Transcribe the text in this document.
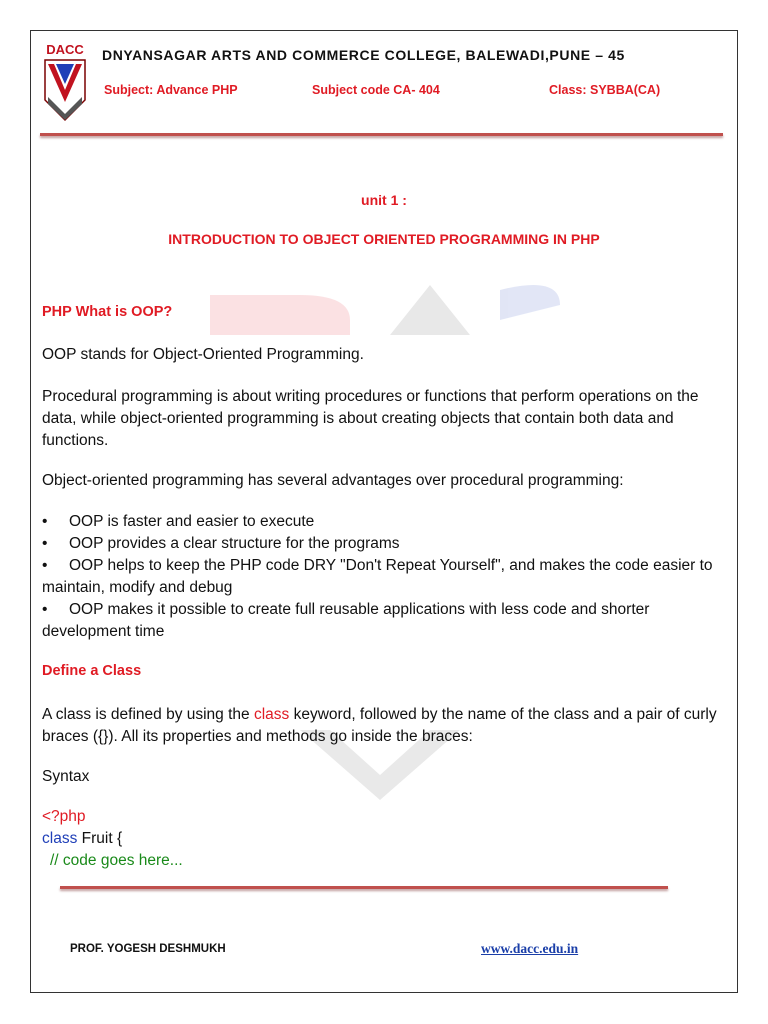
DACC	DNYANSAGAR ARTS AND COMMERCE COLLEGE, BALEWADI,PUNE – 45
Subject: Advance PHP	Subject code CA- 404	Class: SYBBA(CA)
unit 1 :
INTRODUCTION TO OBJECT ORIENTED PROGRAMMING IN PHP
PHP What is OOP?
OOP stands for Object-Oriented Programming.
Procedural programming is about writing procedures or functions that perform operations on the data, while object-oriented programming is about creating objects that contain both data and functions.
Object-oriented programming has several advantages over procedural programming:
• OOP is faster and easier to execute
• OOP provides a clear structure for the programs
• OOP helps to keep the PHP code DRY "Don't Repeat Yourself", and makes the code easier to maintain, modify and debug
• OOP makes it possible to create full reusable applications with less code and shorter development time
Define a Class
A class is defined by using the class keyword, followed by the name of the class and a pair of curly braces ({}). All its properties and methods go inside the braces:
Syntax
<?php
class Fruit {
// code goes here...
PROF. YOGESH DESHMUKH	www.dacc.edu.in
